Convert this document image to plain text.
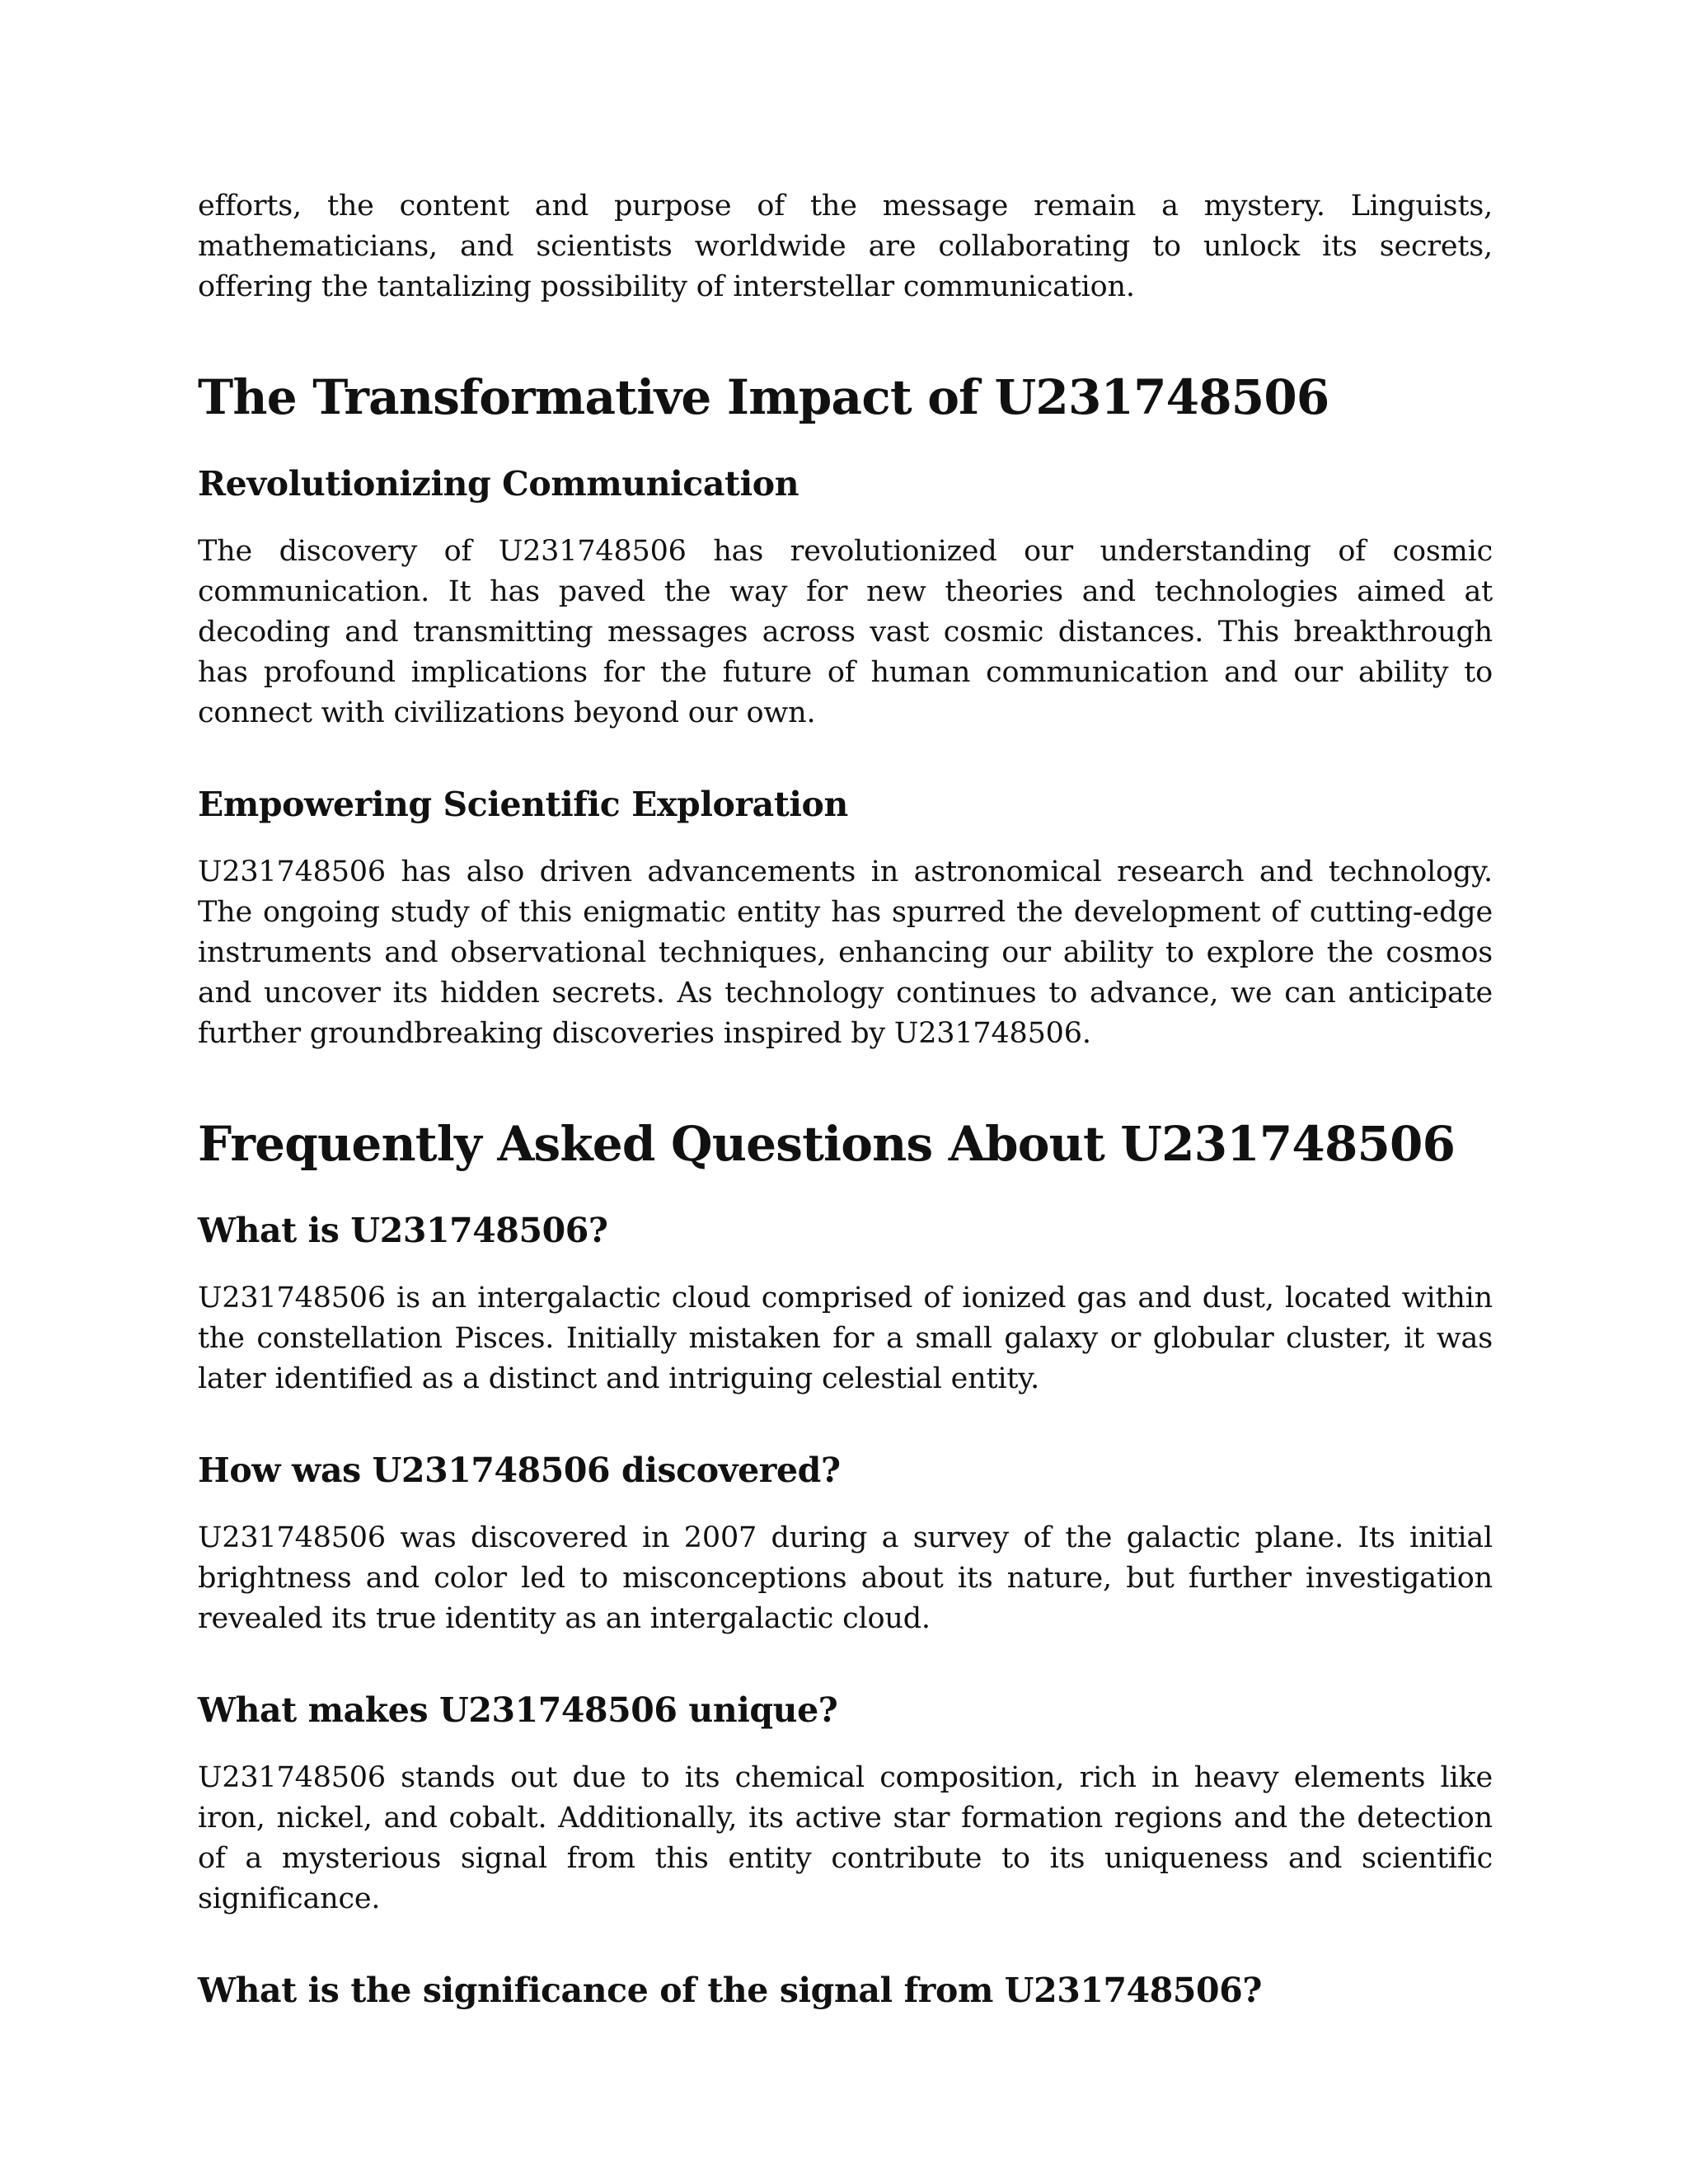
efforts, the content and purpose of the message remain a mystery. Linguists, mathematicians, and scientists worldwide are collaborating to unlock its secrets, offering the tantalizing possibility of interstellar communication.

The Transformative Impact of U231748506
Revolutionizing Communication

The discovery of U231748506 has revolutionized our understanding of cosmic communication. It has paved the way for new theories and technologies aimed at decoding and transmitting messages across vast cosmic distances. This breakthrough has profound implications for the future of human communication and our ability to connect with civilizations beyond our own.

Empowering Scientific Exploration

U231748506 has also driven advancements in astronomical research and technology. The ongoing study of this enigmatic entity has spurred the development of cutting-edge instruments and observational techniques, enhancing our ability to explore the cosmos and uncover its hidden secrets. As technology continues to advance, we can anticipate further groundbreaking discoveries inspired by U231748506.

Frequently Asked Questions About U231748506
What is U231748506?

U231748506 is an intergalactic cloud comprised of ionized gas and dust, located within the constellation Pisces. Initially mistaken for a small galaxy or globular cluster, it was later identified as a distinct and intriguing celestial entity.

How was U231748506 discovered?

U231748506 was discovered in 2007 during a survey of the galactic plane. Its initial brightness and color led to misconceptions about its nature, but further investigation revealed its true identity as an intergalactic cloud.

What makes U231748506 unique?

U231748506 stands out due to its chemical composition, rich in heavy elements like iron, nickel, and cobalt. Additionally, its active star formation regions and the detection of a mysterious signal from this entity contribute to its uniqueness and scientific significance.

What is the significance of the signal from U231748506?
